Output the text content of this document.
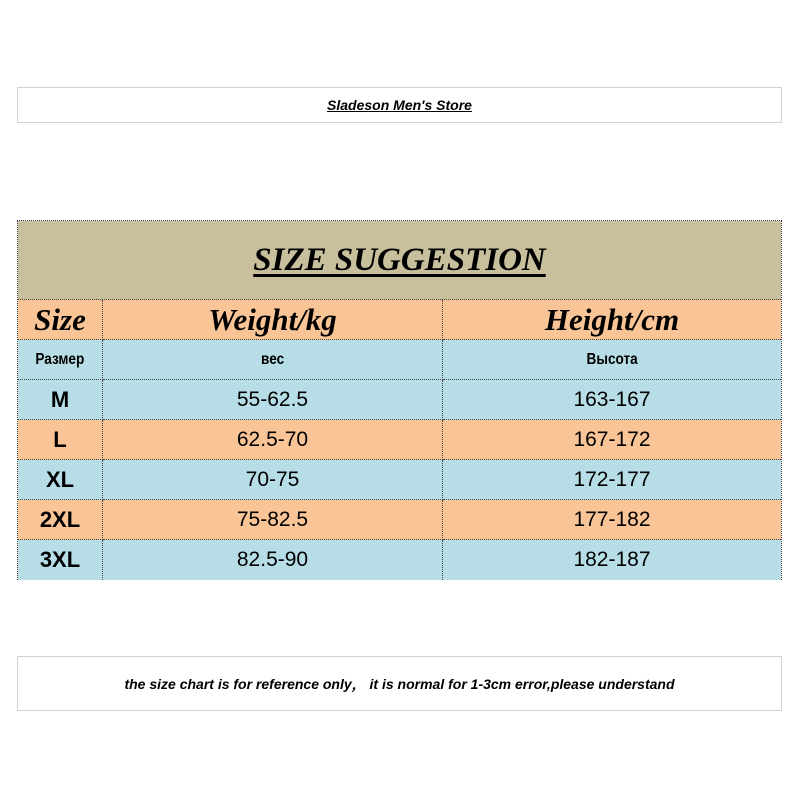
Sladeson Men's Store
SIZE SUGGESTION
Size	Weight/kg	Height/cm
Размер	вес	Высота
M	55-62.5	163-167
L	62.5-70	167-172
XL	70-75	172-177
2XL	75-82.5	177-182
3XL	82.5-90	182-187
the size chart is for reference only， it is normal for 1-3cm error,please understand
